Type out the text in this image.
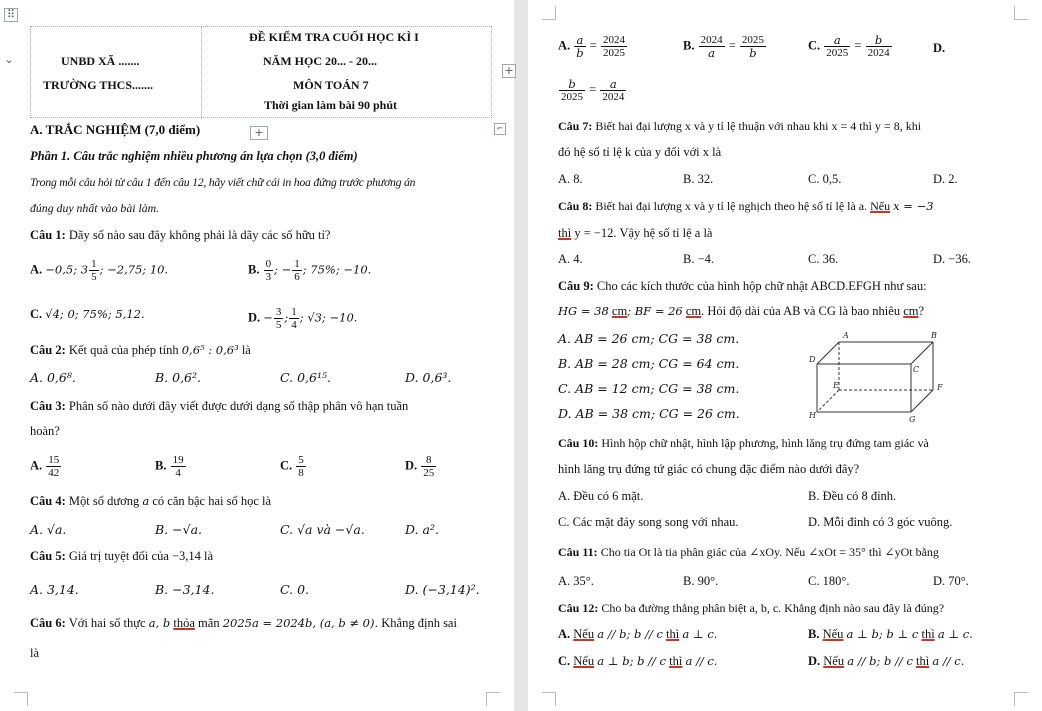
⠿
⌄	UNBD XÃ .......
TRƯỜNG THCS.......
ĐỀ KIỂM TRA CUỐI HỌC KÌ I
NĂM HỌC 20... - 20...
MÔN TOÁN 7
Thời gian làm bài 90 phút
+	⌐
A. TRẮC NGHIỆM (7,0 điểm)
Phần 1. Câu trắc nghiệm nhiều phương án lựa chọn (3,0 điểm)
Trong mỗi câu hỏi từ câu 1 đến câu 12, hãy viết chữ cái in hoa đứng trước phương án
đúng duy nhất vào bài làm.
Câu 1: Dãy số nào sau đây không phải là dãy các số hữu tỉ?
A. −0,5; $3 \frac{1}{5}$ ; −2,75; 10.	B. $\frac{0}{3}$ ; − $\frac{1}{6}$ ; 75%; −10.
C. √4; 0; 75%; 5,12.	D. − $\frac{3}{5}$ ; $\frac{1}{4}$ ; √3; −10.
Câu 2: Kết quả của phép tính 0,6⁵ : 0,6³ là
A. 0,6⁸.	B. 0,6².	C. 0,6¹⁵.	D. 0,6³.
Câu 3: Phân số nào dưới đây viết được dưới dạng số thập phân vô hạn tuần
hoàn?
A. $\frac{15}{42}$	B. $\frac{19}{4}$	C. $\frac{5}{8}$	D. $\frac{8}{25}$
Câu 4: Một số dương a có căn bậc hai số học là
A. √a.	B. −√a.	C. √a và −√a.	D. a².
Câu 5: Giá trị tuyệt đối của −3,14 là
A. 3,14.	B. −3,14.	C. 0.	D. (−3,14)².
Câu 6: Với hai số thực a, b thỏa mãn 2025a = 2024b, (a, b ≠ 0). Khẳng định sai
là
+
A. $\frac{a}{b} = \frac{2024}{2025}$	B. $\frac{2024}{a} = \frac{2025}{b}$	C. $\frac{a}{2025} = \frac{b}{2024}$	D.
$\frac{b}{2025} = \frac{a}{2024}$
Câu 7: Biết hai đại lượng x và y tỉ lệ thuận với nhau khi x = 4 thì y = 8, khi
đó hệ số tỉ lệ k của y đối với x là
A. 8.	B. 32.	C. 0,5.	D. 2.
Câu 8: Biết hai đại lượng x và y tỉ lệ nghịch theo hệ số tỉ lệ là a. Nếu x = −3
thì y = −12. Vậy hệ số tỉ lệ a là
A. 4.	B. −4.	C. 36.	D. −36.
Câu 9: Cho các kích thước của hình hộp chữ nhật ABCD.EFGH như sau:
HG = 38 cm; BF = 26 cm. Hỏi độ dài của AB và CG là bao nhiêu cm?
A. AB = 26 cm; CG = 38 cm.
B. AB = 28 cm; CG = 64 cm.
C. AB = 12 cm; CG = 38 cm.
D. AB = 38 cm; CG = 26 cm.
A	B
C
D
E	F
G
H
Câu 10: Hình hộp chữ nhật, hình lập phương, hình lăng trụ đứng tam giác và
hình lăng trụ đứng tứ giác có chung đặc điểm nào dưới đây?
A. Đều có 6 mặt.	B. Đều có 8 đỉnh.
C. Các mặt đáy song song với nhau.	D. Mỗi đỉnh có 3 góc vuông.
Câu 11: Cho tia Ot là tia phân giác của ∠xOy. Nếu ∠xOt = 35° thì ∠yOt bằng
A. 35°.	B. 90°.	C. 180°.	D. 70°.
Câu 12: Cho ba đường thẳng phân biệt a, b, c. Khẳng định nào sau đây là đúng?
A. Nếu a // b; b // c thì a ⊥ c.	B. Nếu a ⊥ b; b ⊥ c thì a ⊥ c.
C. Nếu a ⊥ b; b // c thì a // c.	D. Nếu a // b; b // c thì a // c.
